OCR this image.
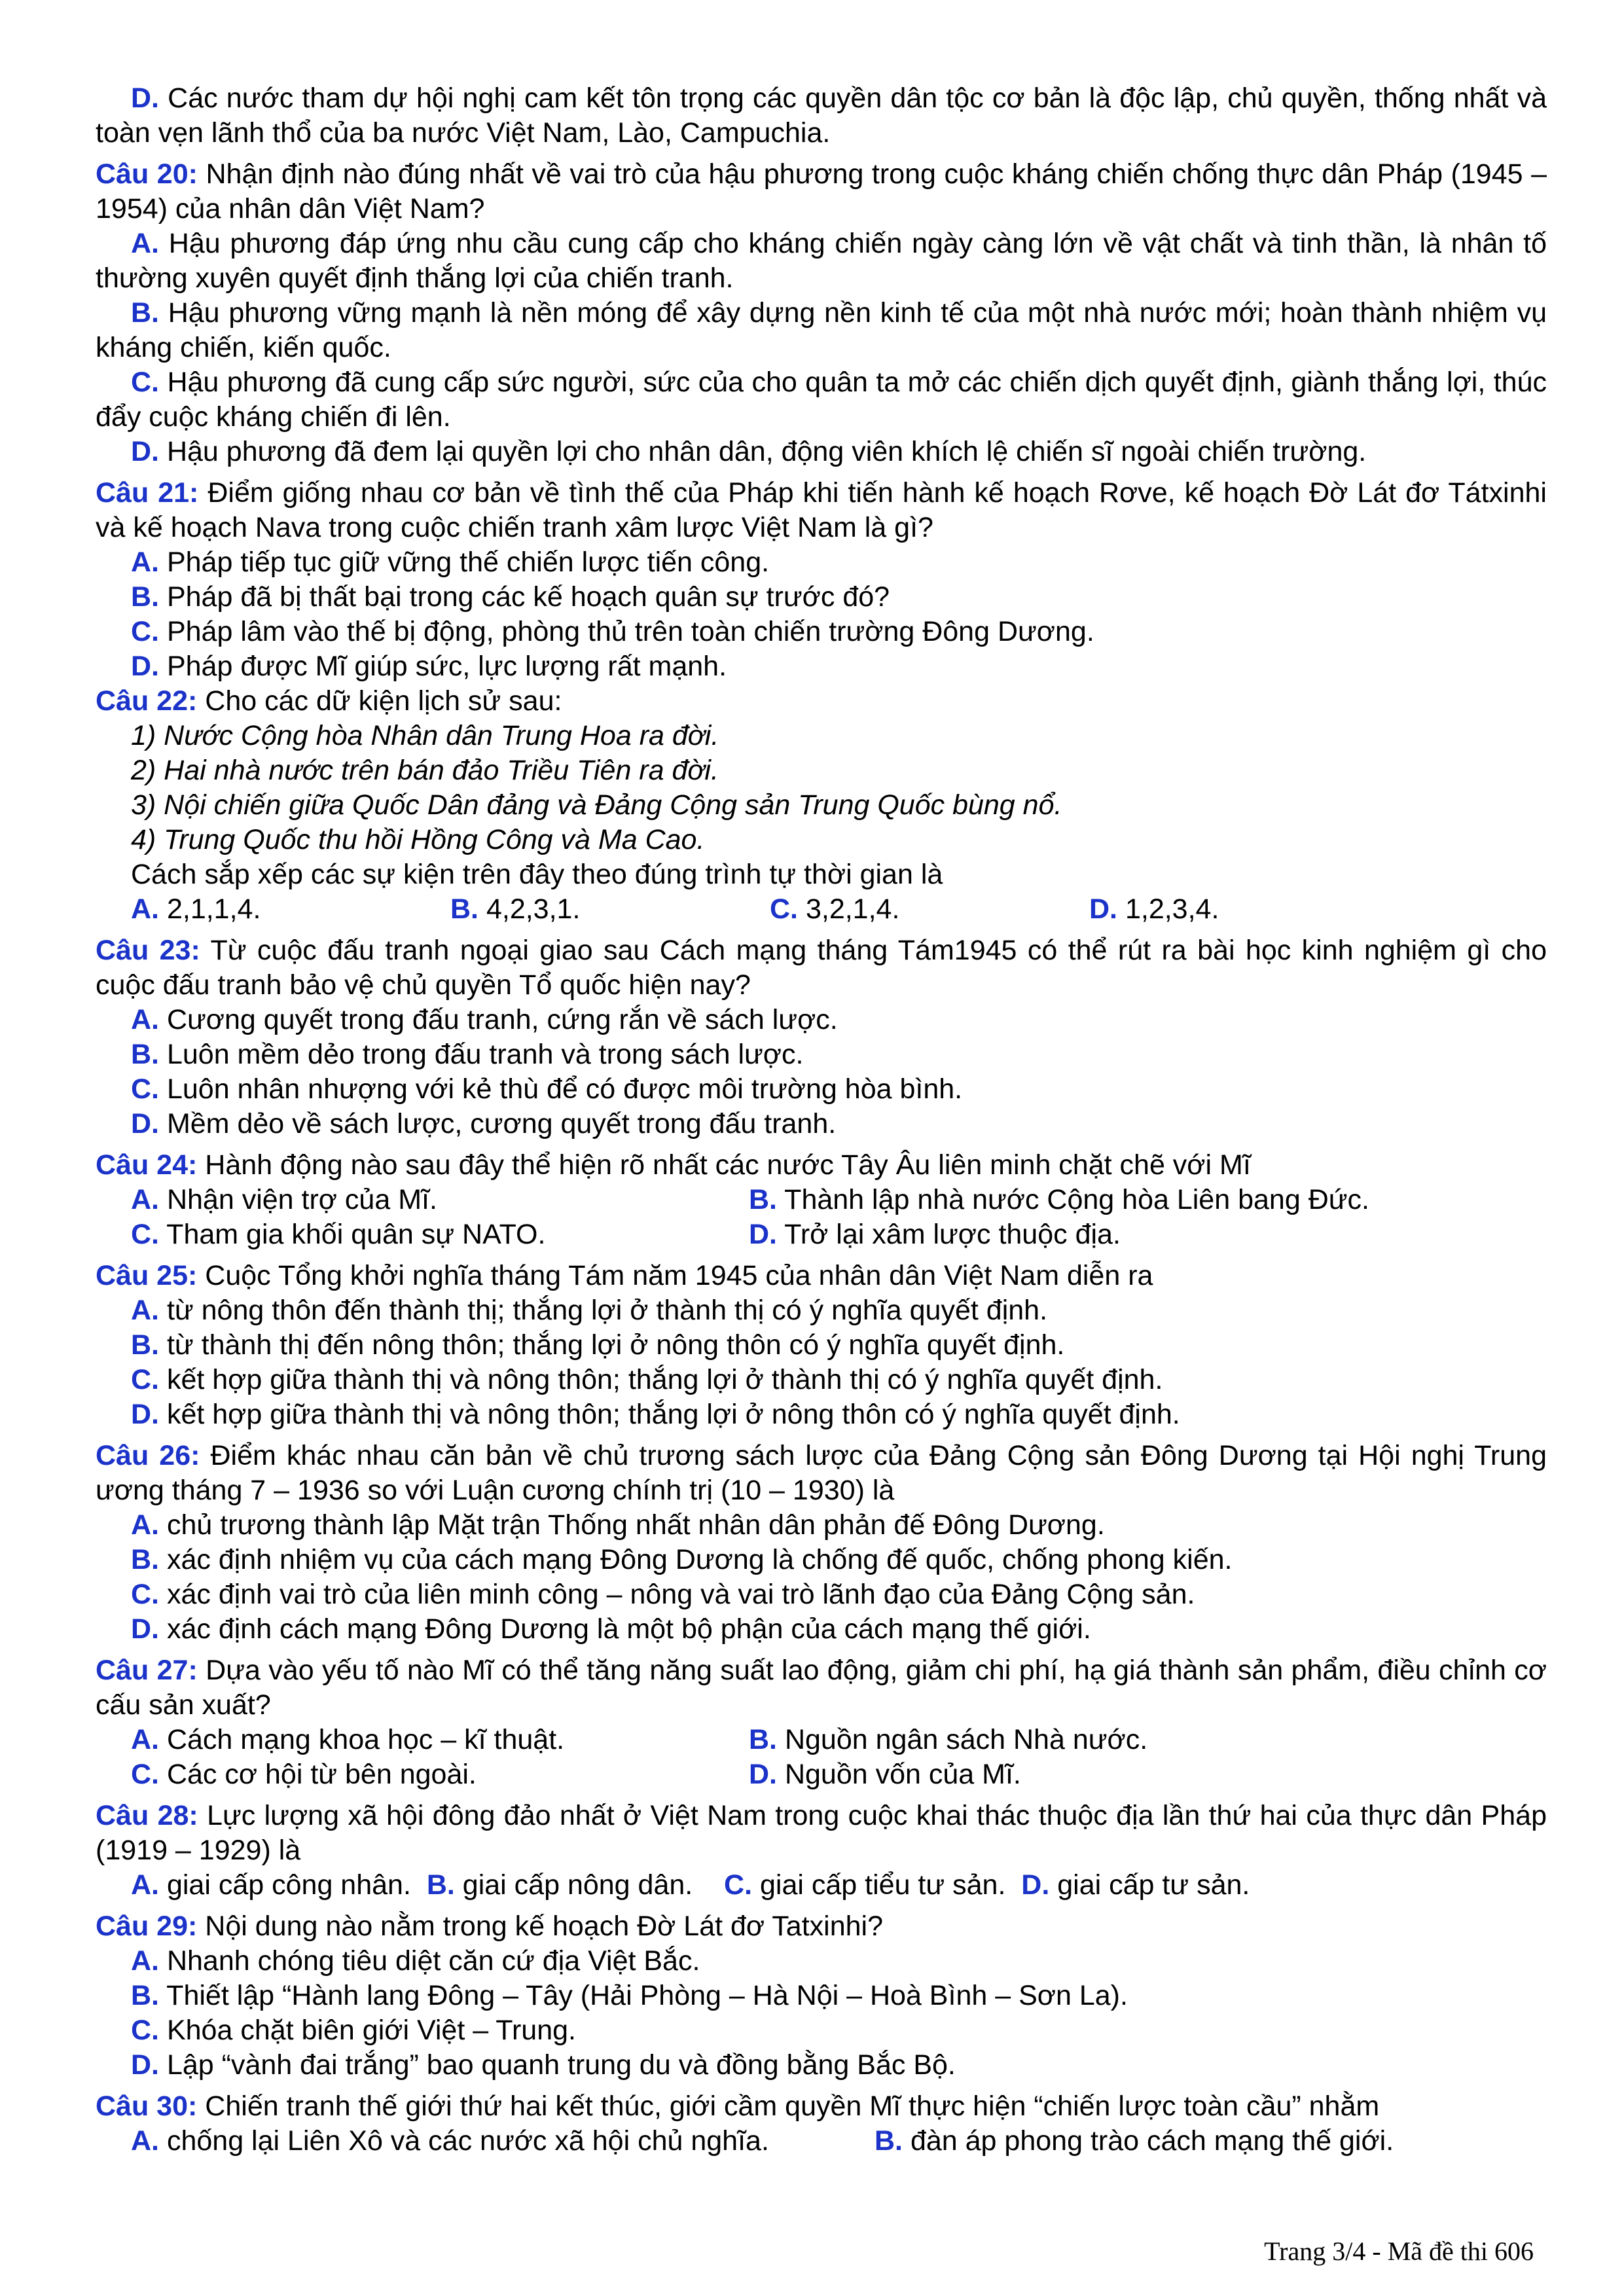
D. Các nước tham dự hội nghị cam kết tôn trọng các quyền dân tộc cơ bản là độc lập, chủ quyền, thống nhất và toàn vẹn lãnh thổ của ba nước Việt Nam, Lào, Campuchia.
Câu 20: Nhận định nào đúng nhất về vai trò của hậu phương trong cuộc kháng chiến chống thực dân Pháp (1945 – 1954) của nhân dân Việt Nam?
A. Hậu phương đáp ứng nhu cầu cung cấp cho kháng chiến ngày càng lớn về vật chất và tinh thần, là nhân tố thường xuyên quyết định thắng lợi của chiến tranh.
B. Hậu phương vững mạnh là nền móng để xây dựng nền kinh tế của một nhà nước mới; hoàn thành nhiệm vụ kháng chiến, kiến quốc.
C. Hậu phương đã cung cấp sức người, sức của cho quân ta mở các chiến dịch quyết định, giành thắng lợi, thúc đẩy cuộc kháng chiến đi lên.
D. Hậu phương đã đem lại quyền lợi cho nhân dân, động viên khích lệ chiến sĩ ngoài chiến trường.
Câu 21: Điểm giống nhau cơ bản về tình thế của Pháp khi tiến hành kế hoạch Rơve, kế hoạch Đờ Lát đơ Tátxinhi và kế hoạch Nava trong cuộc chiến tranh xâm lược Việt Nam là gì?
A. Pháp tiếp tục giữ vững thế chiến lược tiến công.
B. Pháp đã bị thất bại trong các kế hoạch quân sự trước đó?
C. Pháp lâm vào thế bị động, phòng thủ trên toàn chiến trường Đông Dương.
D. Pháp được Mĩ giúp sức, lực lượng rất mạnh.
Câu 22: Cho các dữ kiện lịch sử sau:
1) Nước Cộng hòa Nhân dân Trung Hoa ra đời.
2) Hai nhà nước trên bán đảo Triều Tiên ra đời.
3) Nội chiến giữa Quốc Dân đảng và Đảng Cộng sản Trung Quốc bùng nổ.
4) Trung Quốc thu hồi Hồng Công và Ma Cao.
Cách sắp xếp các sự kiện trên đây theo đúng trình tự thời gian là
A. 2,1,1,4.	B. 4,2,3,1.	C. 3,2,1,4.	D. 1,2,3,4.
Câu 23: Từ cuộc đấu tranh ngoại giao sau Cách mạng tháng Tám1945 có thể rút ra bài học kinh nghiệm gì cho cuộc đấu tranh bảo vệ chủ quyền Tổ quốc hiện nay?
A. Cương quyết trong đấu tranh, cứng rắn về sách lược.
B. Luôn mềm dẻo trong đấu tranh và trong sách lược.
C. Luôn nhân nhượng với kẻ thù để có được môi trường hòa bình.
D. Mềm dẻo về sách lược, cương quyết trong đấu tranh.
Câu 24: Hành động nào sau đây thể hiện rõ nhất các nước Tây Âu liên minh chặt chẽ với Mĩ
A. Nhận viện trợ của Mĩ.	B. Thành lập nhà nước Cộng hòa Liên bang Đức.
C. Tham gia khối quân sự NATO.	D. Trở lại xâm lược thuộc địa.
Câu 25: Cuộc Tổng khởi nghĩa tháng Tám năm 1945 của nhân dân Việt Nam diễn ra
A. từ nông thôn đến thành thị; thắng lợi ở thành thị có ý nghĩa quyết định.
B. từ thành thị đến nông thôn; thắng lợi ở nông thôn có ý nghĩa quyết định.
C. kết hợp giữa thành thị và nông thôn; thắng lợi ở thành thị có ý nghĩa quyết định.
D. kết hợp giữa thành thị và nông thôn; thắng lợi ở nông thôn có ý nghĩa quyết định.
Câu 26: Điểm khác nhau căn bản về chủ trương sách lược của Đảng Cộng sản Đông Dương tại Hội nghị Trung ương tháng 7 – 1936 so với Luận cương chính trị (10 – 1930) là
A. chủ trương thành lập Mặt trận Thống nhất nhân dân phản đế Đông Dương.
B. xác định nhiệm vụ của cách mạng Đông Dương là chống đế quốc, chống phong kiến.
C. xác định vai trò của liên minh công – nông và vai trò lãnh đạo của Đảng Cộng sản.
D. xác định cách mạng Đông Dương là một bộ phận của cách mạng thế giới.
Câu 27: Dựa vào yếu tố nào Mĩ có thể tăng năng suất lao động, giảm chi phí, hạ giá thành sản phẩm, điều chỉnh cơ cấu sản xuất?
A. Cách mạng khoa học – kĩ thuật.	B. Nguồn ngân sách Nhà nước.
C. Các cơ hội từ bên ngoài.	D. Nguồn vốn của Mĩ.
Câu 28: Lực lượng xã hội đông đảo nhất ở Việt Nam trong cuộc khai thác thuộc địa lần thứ hai của thực dân Pháp (1919 – 1929) là
A. giai cấp công nhân. B. giai cấp nông dân. C. giai cấp tiểu tư sản. D. giai cấp tư sản.
Câu 29: Nội dung nào nằm trong kế hoạch Đờ Lát đơ Tatxinhi?
A. Nhanh chóng tiêu diệt căn cứ địa Việt Bắc.
B. Thiết lập “Hành lang Đông – Tây (Hải Phòng – Hà Nội – Hoà Bình – Sơn La).
C. Khóa chặt biên giới Việt – Trung.
D. Lập “vành đai trắng” bao quanh trung du và đồng bằng Bắc Bộ.
Câu 30: Chiến tranh thế giới thứ hai kết thúc, giới cầm quyền Mĩ thực hiện “chiến lược toàn cầu” nhằm
A. chống lại Liên Xô và các nước xã hội chủ nghĩa.	B. đàn áp phong trào cách mạng thế giới.
Trang 3/4 - Mã đề thi 606
